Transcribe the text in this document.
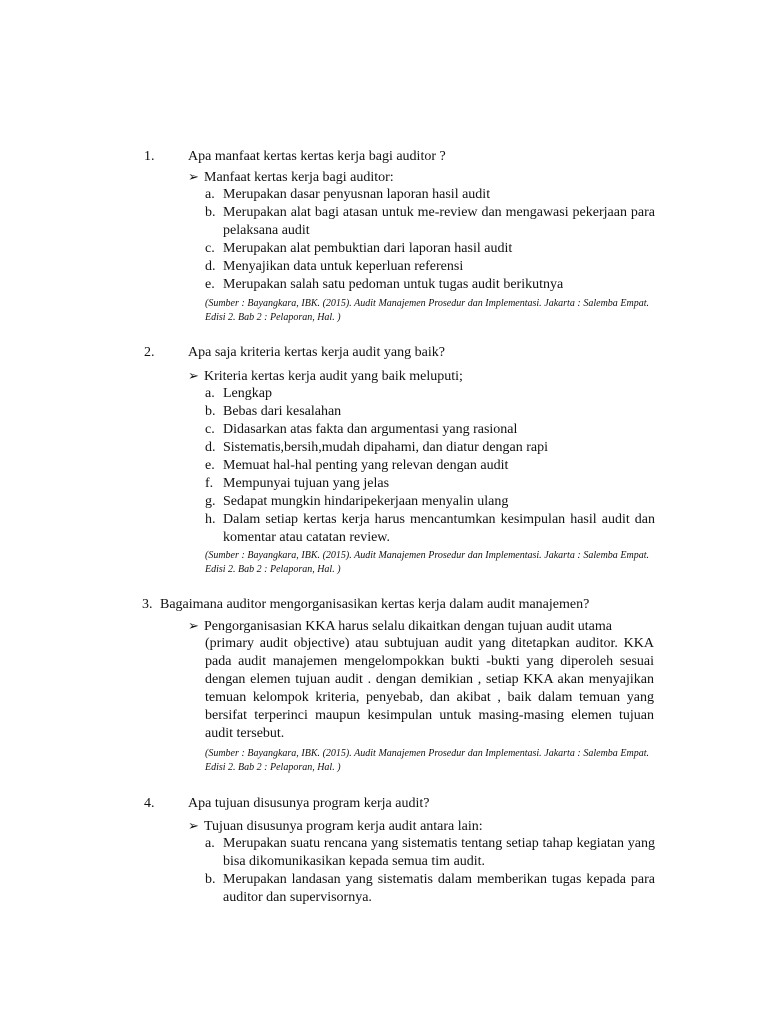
1. Apa manfaat kertas kertas kerja bagi auditor ?
➢ Manfaat kertas kerja bagi auditor:
a. Merupakan dasar penyusnan laporan hasil audit
b. Merupakan alat bagi atasan untuk me-review dan mengawasi pekerjaan para pelaksana audit
c. Merupakan alat pembuktian dari laporan hasil audit
d. Menyajikan data untuk keperluan referensi
e. Merupakan salah satu pedoman untuk tugas audit berikutnya
(Sumber : Bayangkara, IBK. (2015). Audit Manajemen Prosedur dan Implementasi. Jakarta : Salemba Empat. Edisi 2. Bab 2 : Pelaporan, Hal. )
2. Apa saja kriteria kertas kerja audit yang baik?
➢ Kriteria kertas kerja audit yang baik meluputi;
a. Lengkap
b. Bebas dari kesalahan
c. Didasarkan atas fakta dan argumentasi yang rasional
d. Sistematis,bersih,mudah dipahami, dan diatur dengan rapi
e. Memuat hal-hal penting yang relevan dengan audit
f. Mempunyai tujuan yang jelas
g. Sedapat mungkin hindaripekerjaan menyalin ulang
h. Dalam setiap kertas kerja harus mencantumkan kesimpulan hasil audit dan komentar atau catatan review.
(Sumber : Bayangkara, IBK. (2015). Audit Manajemen Prosedur dan Implementasi. Jakarta : Salemba Empat. Edisi 2. Bab 2 : Pelaporan, Hal. )
3. Bagaimana auditor mengorganisasikan kertas kerja dalam audit manajemen?
➢ Pengorganisasian KKA harus selalu dikaitkan dengan tujuan audit utama
(primary audit objective) atau subtujuan audit yang ditetapkan auditor. KKA pada audit manajemen mengelompokkan bukti -bukti yang diperoleh sesuai dengan elemen tujuan audit . dengan demikian , setiap KKA akan menyajikan temuan kelompok kriteria, penyebab, dan akibat , baik dalam temuan yang bersifat terperinci maupun kesimpulan untuk masing-masing elemen tujuan audit tersebut.
(Sumber : Bayangkara, IBK. (2015). Audit Manajemen Prosedur dan Implementasi. Jakarta : Salemba Empat. Edisi 2. Bab 2 : Pelaporan, Hal. )
4. Apa tujuan disusunya program kerja audit?
➢ Tujuan disusunya program kerja audit antara lain:
a. Merupakan suatu rencana yang sistematis tentang setiap tahap kegiatan yang bisa dikomunikasikan kepada semua tim audit.
b. Merupakan landasan yang sistematis dalam memberikan tugas kepada para auditor dan supervisornya.
